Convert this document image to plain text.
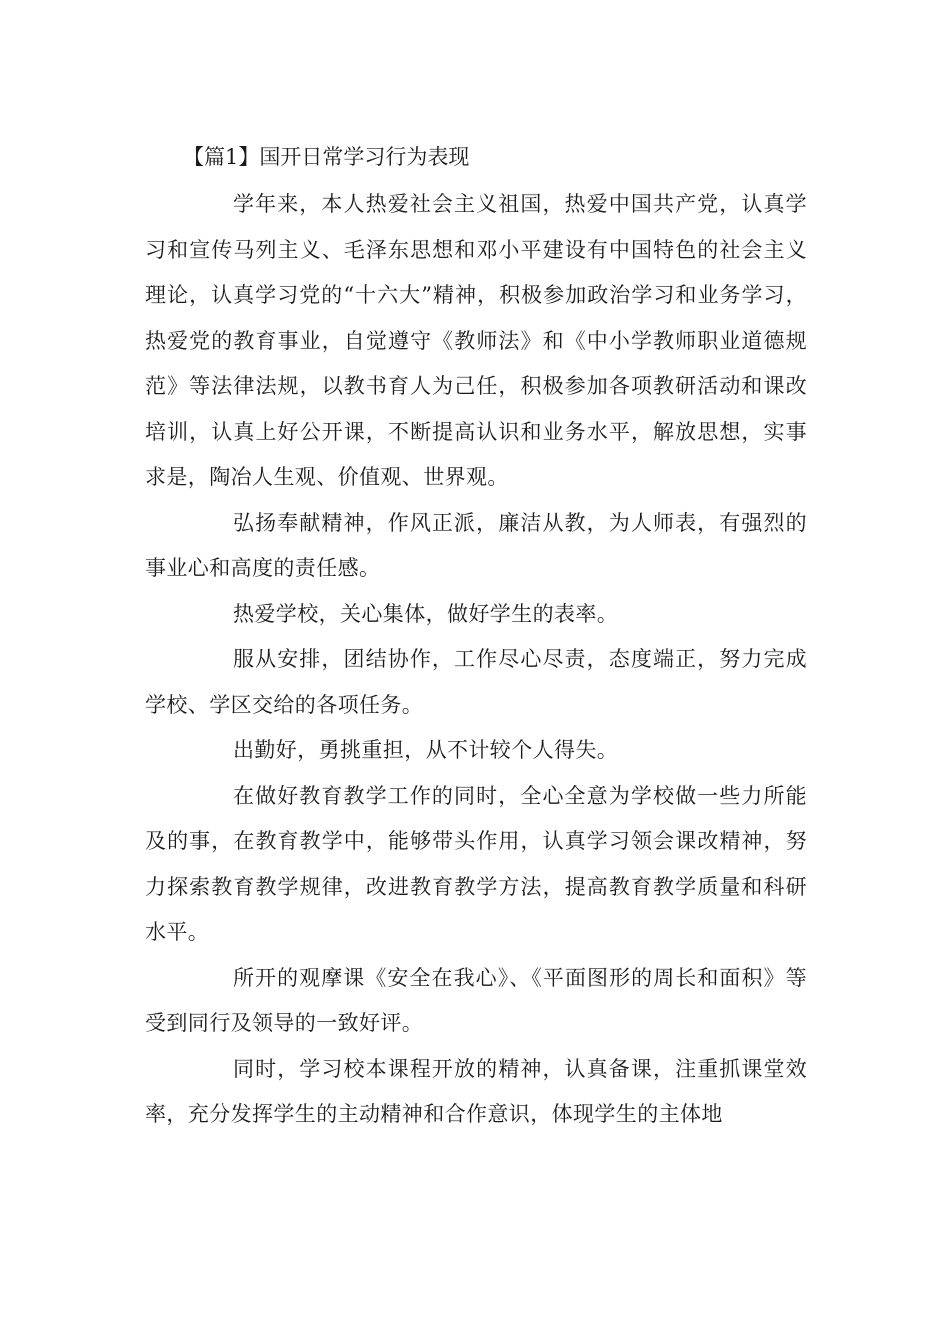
【篇1】国开日常学习行为表现

学年来，本人热爱社会主义祖国，热爱中国共产党，认真学习和宣传马列主义、毛泽东思想和邓小平建设有中国特色的社会主义理论，认真学习党的“十六大”精神，积极参加政治学习和业务学习，热爱党的教育事业，自觉遵守《教师法》和《中小学教师职业道德规范》等法律法规，以教书育人为己任，积极参加各项教研活动和课改培训，认真上好公开课，不断提高认识和业务水平，解放思想，实事求是，陶冶人生观、价值观、世界观。

弘扬奉献精神，作风正派，廉洁从教，为人师表，有强烈的事业心和高度的责任感。

热爱学校，关心集体，做好学生的表率。

服从安排，团结协作，工作尽心尽责，态度端正，努力完成学校、学区交给的各项任务。

出勤好，勇挑重担，从不计较个人得失。

在做好教育教学工作的同时，全心全意为学校做一些力所能及的事，在教育教学中，能够带头作用，认真学习领会课改精神，努力探索教育教学规律，改进教育教学方法，提高教育教学质量和科研水平。

所开的观摩课《安全在我心》、《平面图形的周长和面积》等受到同行及领导的一致好评。

同时，学习校本课程开放的精神，认真备课，注重抓课堂效率，充分发挥学生的主动精神和合作意识，体现学生的主体地
